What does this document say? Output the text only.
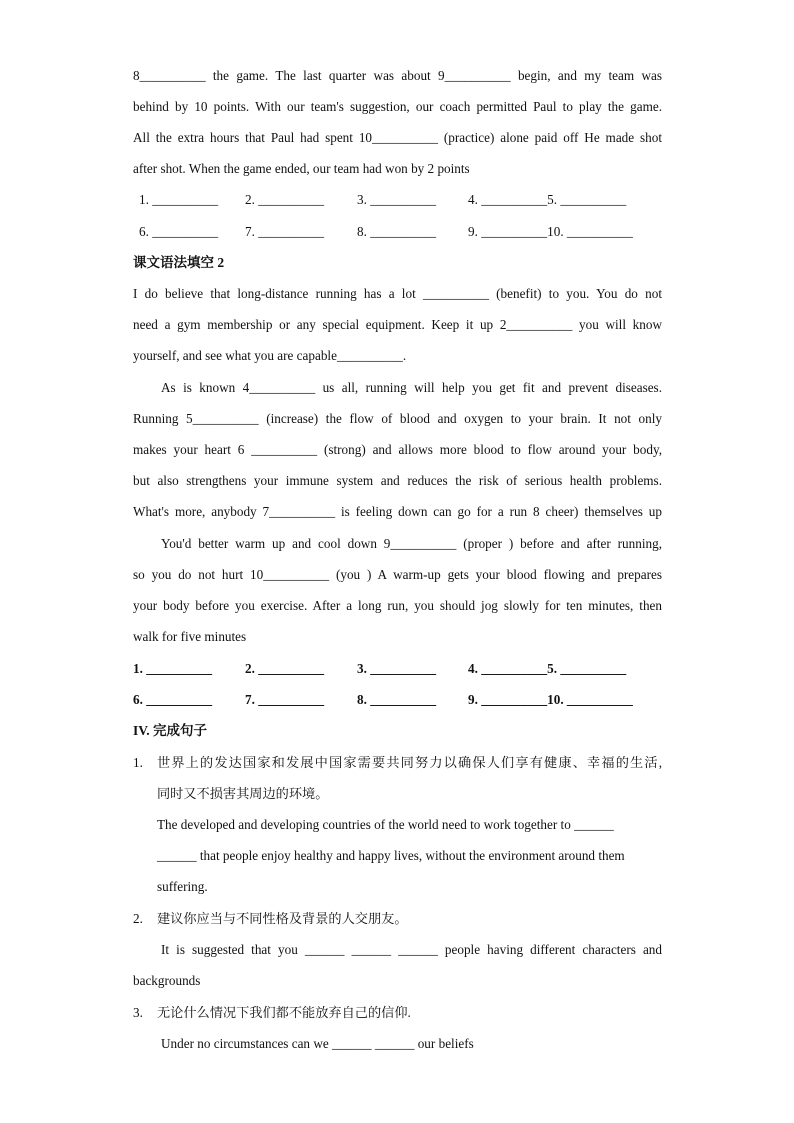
8__________ the game. The last quarter was about 9__________ begin, and my team was
behind by 10 points. With our team's suggestion, our coach permitted Paul to play the game.
All the extra hours that Paul had spent 10__________ (practice) alone paid off He made shot
after shot. When the game ended, our team had won by 2 points
1. __________ 2. __________ 3. __________ 4. __________5. __________
6. __________ 7. __________ 8. __________ 9. __________10. __________
课文语法填空 2
I do believe that long-distance running has a lot __________ (benefit) to you. You do not
need a gym membership or any special equipment. Keep it up 2__________ you will know
yourself, and see what you are capable__________.
As is known 4__________ us all, running will help you get fit and prevent diseases.
Running 5__________ (increase) the flow of blood and oxygen to your brain. It not only
makes your heart 6 __________ (strong) and allows more blood to flow around your body,
but also strengthens your immune system and reduces the risk of serious health problems.
What's more, anybody 7__________ is feeling down can go for a run 8 cheer) themselves up
You'd better warm up and cool down 9__________ (proper ) before and after running,
so you do not hurt 10__________ (you ) A warm-up gets your blood flowing and prepares
your body before you exercise. After a long run, you should jog slowly for ten minutes, then
walk for five minutes
1. __________ 2. __________ 3. __________ 4. __________5. __________
6. __________ 7. __________ 8. __________ 9. __________10. __________
IV. 完成句子
1. 世界上的发达国家和发展中国家需要共同努力以确保人们享有健康、幸福的生活,
同时又不损害其周边的环境。
The developed and developing countries of the world need to work together to ______
______ that people enjoy healthy and happy lives, without the environment around them
suffering.
2. 建议你应当与不同性格及背景的人交朋友。
It is suggested that you ______ ______ ______ people having different characters and
backgrounds
3. 无论什么情况下我们都不能放弃自己的信仰.
Under no circumstances can we ______ ______ our beliefs
